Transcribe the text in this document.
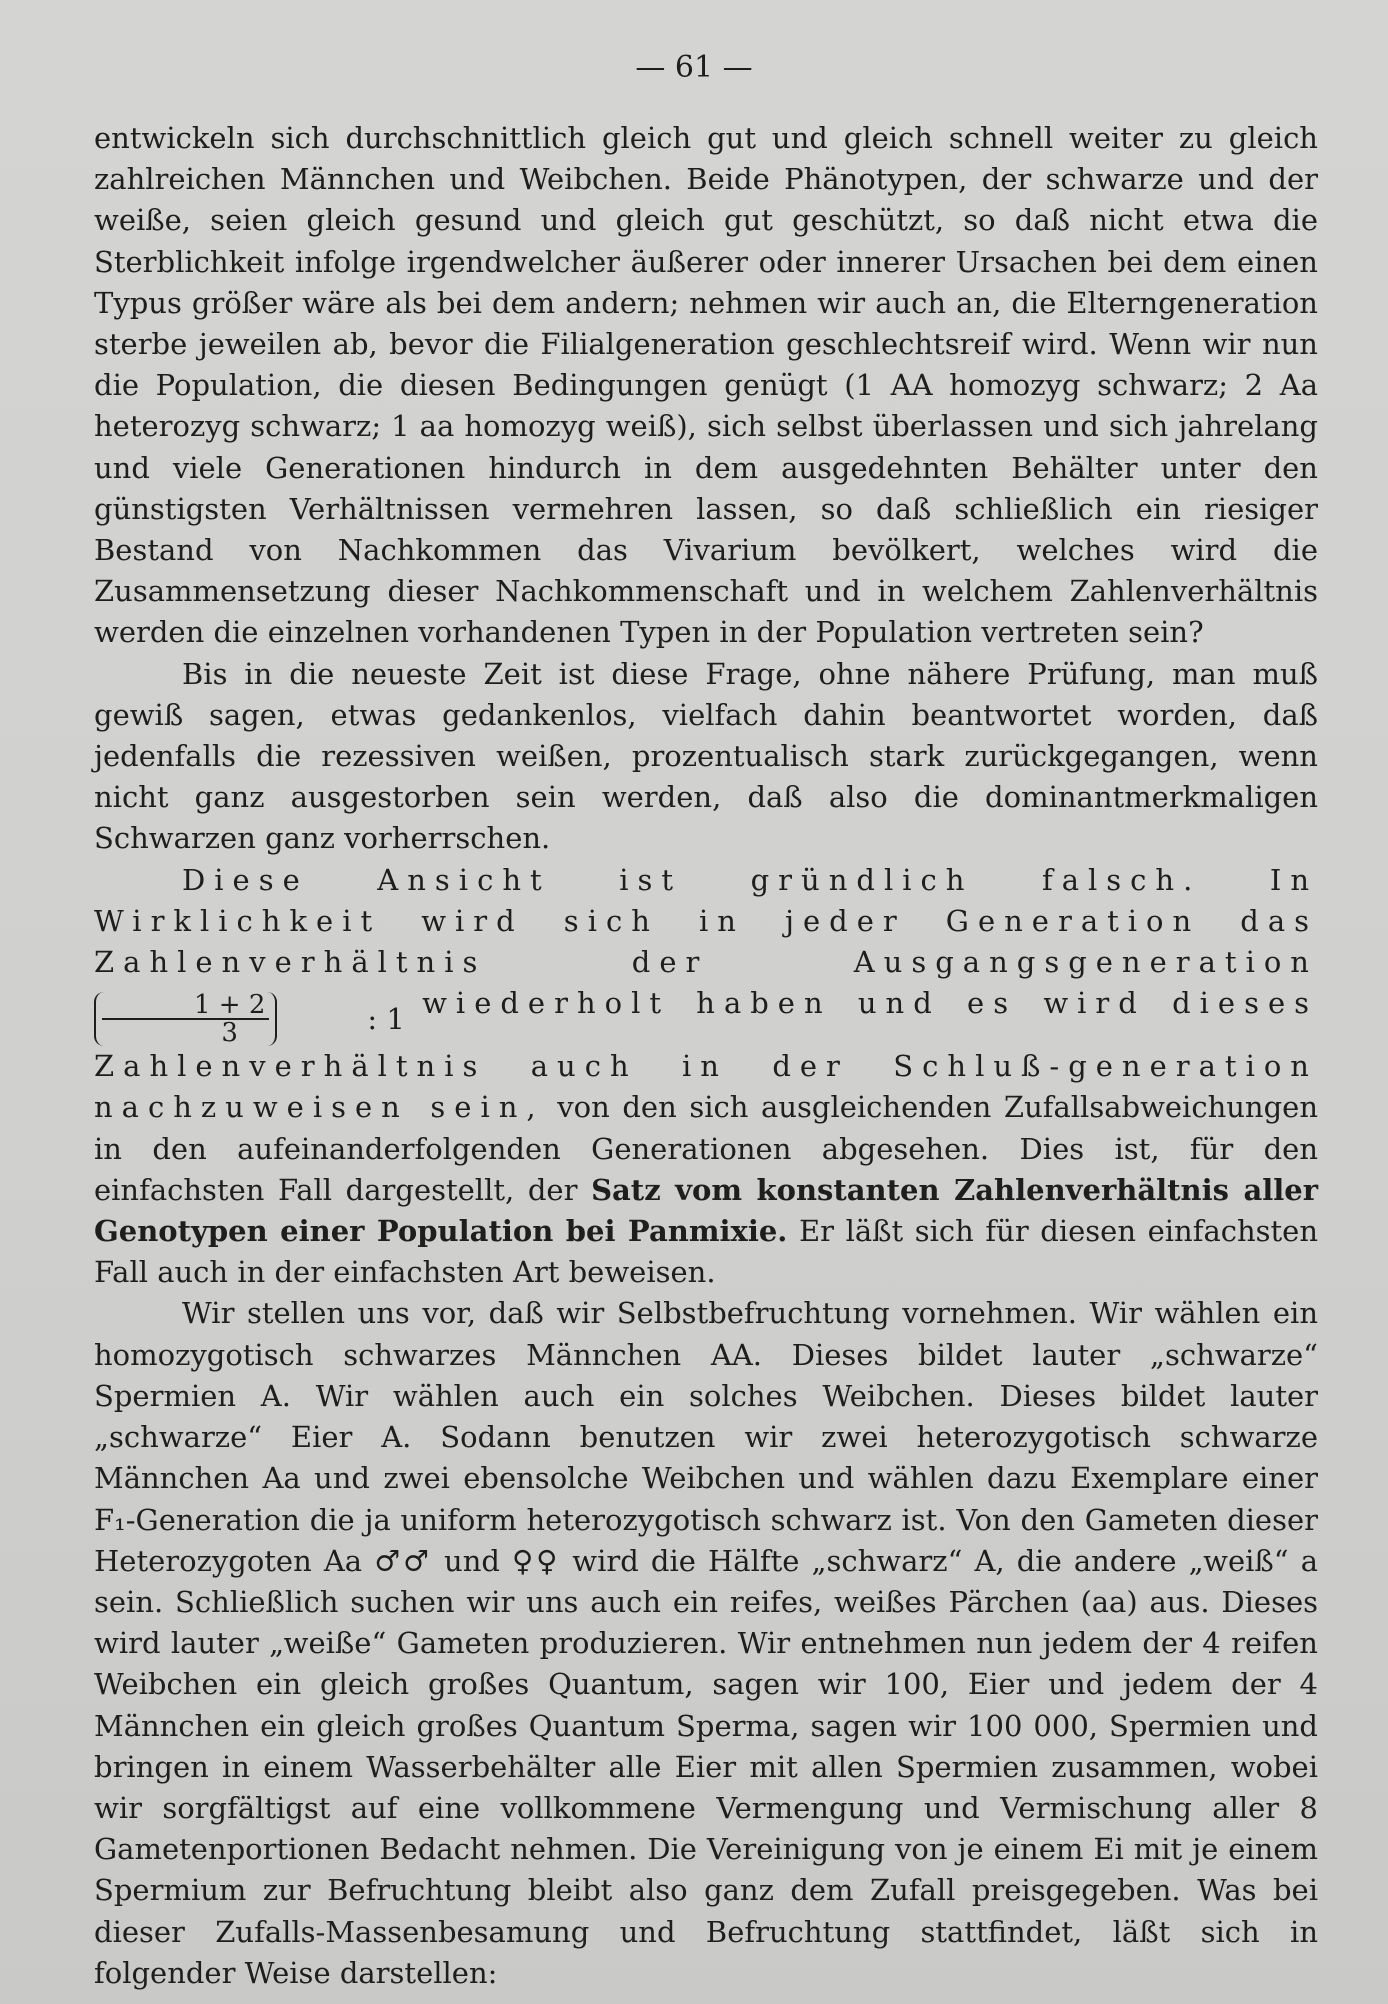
— 61 —

entwickeln sich durchschnittlich gleich gut und gleich schnell weiter zu gleich zahlreichen Männchen und Weibchen. Beide Phänotypen, der schwarze und der weiße, seien gleich gesund und gleich gut geschützt, so daß nicht etwa die Sterblichkeit infolge irgendwelcher äußerer oder innerer Ursachen bei dem einen Typus größer wäre als bei dem andern; nehmen wir auch an, die Elterngeneration sterbe jeweilen ab, bevor die Filialgeneration geschlechtsreif wird. Wenn wir nun die Population, die diesen Bedingungen genügt (1 AA homozyg schwarz; 2 Aa heterozyg schwarz; 1 aa homozyg weiß), sich selbst überlassen und sich jahrelang und viele Generationen hindurch in dem ausgedehnten Behälter unter den günstigsten Verhältnissen vermehren lassen, so daß schließlich ein riesiger Bestand von Nachkommen das Vivarium bevölkert, welches wird die Zusammensetzung dieser Nachkommenschaft und in welchem Zahlenverhältnis werden die einzelnen vorhandenen Typen in der Population vertreten sein?

Bis in die neueste Zeit ist diese Frage, ohne nähere Prüfung, man muß gewiß sagen, etwas gedankenlos, vielfach dahin beantwortet worden, daß jedenfalls die rezessiven weißen, prozentualisch stark zurückgegangen, wenn nicht ganz ausgestorben sein werden, daß also die dominantmerkmaligen Schwarzen ganz vorherrschen.

Diese Ansicht ist gründlich falsch. In Wirklichkeit wird sich in jeder Generation das Zahlenverhältnis der Ausgangsgeneration
$\frac{1 + 2}{3}$	: 1 wiederholt haben und es wird dieses Zahlenverhältnis auch in der Schluß-generation nachzuweisen sein, von den sich ausgleichenden Zufallsabweichungen in den aufeinanderfolgenden Generationen abgesehen. Dies ist, für den einfachsten Fall dargestellt, der Satz vom konstanten Zahlenverhältnis aller Genotypen einer Population bei Panmixie. Er läßt sich für diesen einfachsten Fall auch in der einfachsten Art beweisen.

Wir stellen uns vor, daß wir Selbstbefruchtung vornehmen. Wir wählen ein homozygotisch schwarzes Männchen AA. Dieses bildet lauter „schwarze“ Spermien A. Wir wählen auch ein solches Weibchen. Dieses bildet lauter „schwarze“ Eier A. Sodann benutzen wir zwei heterozygotisch schwarze Männchen Aa und zwei ebensolche Weibchen und wählen dazu Exemplare einer F₁-Generation die ja uniform heterozygotisch schwarz ist. Von den Gameten dieser Heterozygoten Aa ♂♂ und ♀♀ wird die Hälfte „schwarz“ A, die andere „weiß“ a sein. Schließlich suchen wir uns auch ein reifes, weißes Pärchen (aa) aus. Dieses wird lauter „weiße“ Gameten produzieren. Wir entnehmen nun jedem der 4 reifen Weibchen ein gleich großes Quantum, sagen wir 100, Eier und jedem der 4 Männchen ein gleich großes Quantum Sperma, sagen wir 100 000, Spermien und bringen in einem Wasserbehälter alle Eier mit allen Spermien zusammen, wobei wir sorgfältigst auf eine vollkommene Vermengung und Vermischung aller 8 Gametenportionen Bedacht nehmen. Die Vereinigung von je einem Ei mit je einem Spermium zur Befruchtung bleibt also ganz dem Zufall preisgegeben. Was bei dieser Zufalls-Massenbesamung und Befruchtung stattfindet, läßt sich in folgender Weise darstellen:
